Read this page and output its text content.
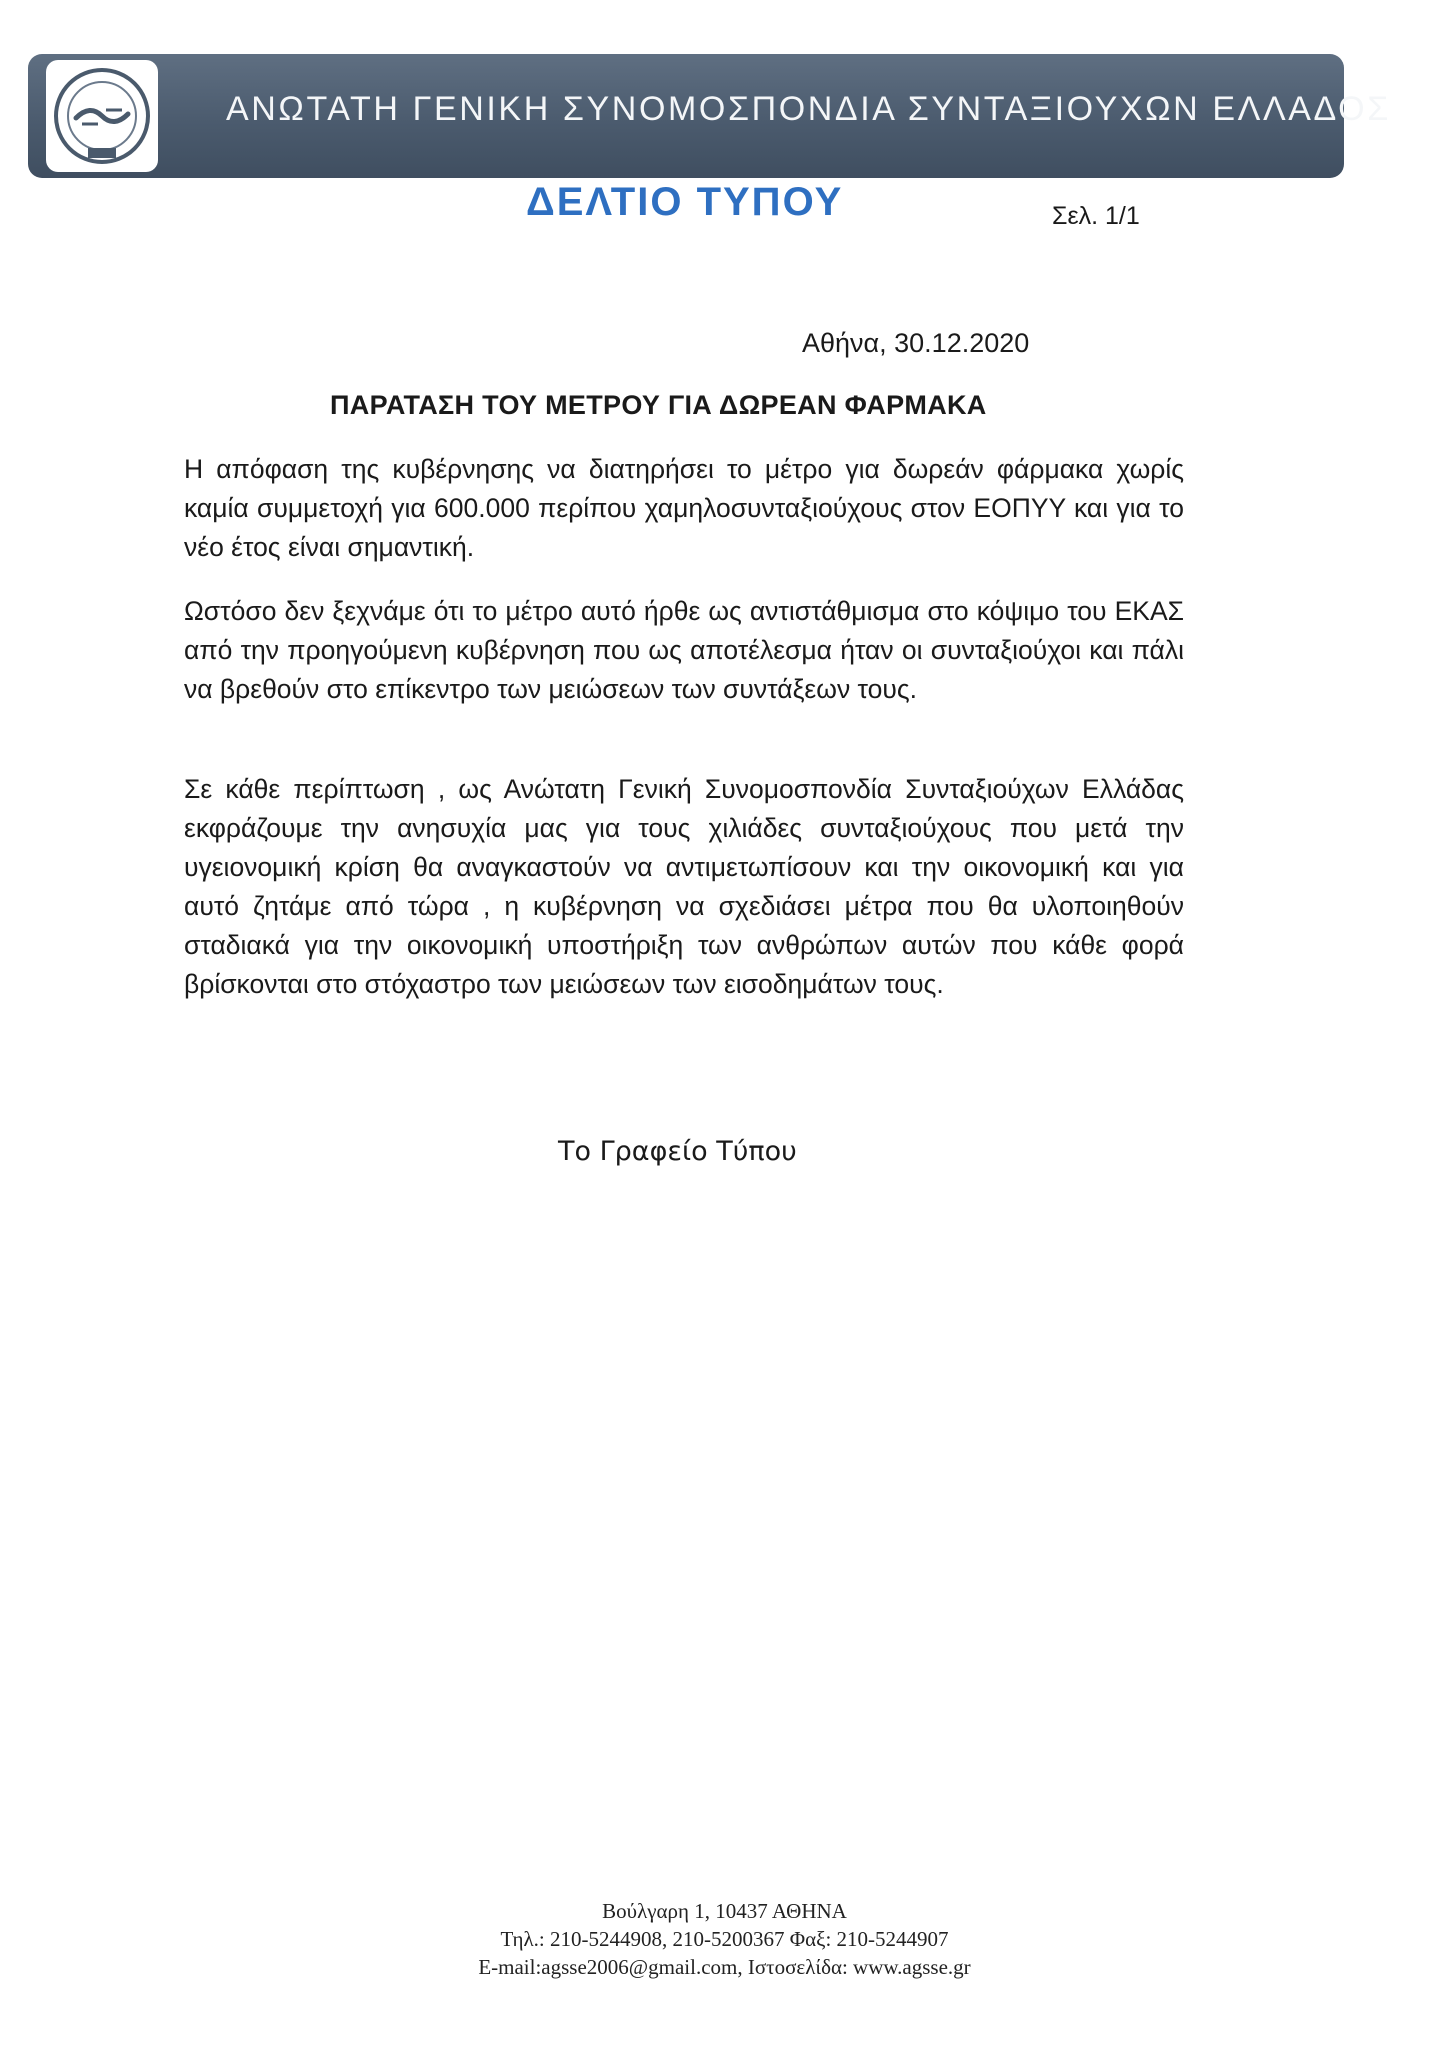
ΑΝΩΤΑΤΗ ΓΕΝΙΚΗ ΣΥΝΟΜΟΣΠΟΝΔΙΑ ΣΥΝΤΑΞΙΟΥΧΩΝ ΕΛΛΑΔΟΣ
ΔΕΛΤΙΟ ΤΥΠΟΥ	Σελ. 1/1
Αθήνα, 30.12.2020
ΠΑΡΑΤΑΣΗ ΤΟΥ ΜΕΤΡΟΥ ΓΙΑ ΔΩΡΕΑΝ ΦΑΡΜΑΚΑ

Η απόφαση της κυβέρνησης να διατηρήσει το μέτρο για δωρεάν φάρμακα χωρίς καμία συμμετοχή για 600.000 περίπου χαμηλοσυνταξιούχους στον ΕΟΠΥΥ και για το νέο έτος είναι σημαντική.

Ωστόσο δεν ξεχνάμε ότι το μέτρο αυτό ήρθε ως αντιστάθμισμα στο κόψιμο του ΕΚΑΣ από την προηγούμενη κυβέρνηση που ως αποτέλεσμα ήταν οι συνταξιούχοι και πάλι να βρεθούν στο επίκεντρο των μειώσεων των συντάξεων τους.

Σε κάθε περίπτωση , ως Ανώτατη Γενική Συνομοσπονδία Συνταξιούχων Ελλάδας εκφράζουμε την ανησυχία μας για τους χιλιάδες συνταξιούχους που μετά την υγειονομική κρίση θα αναγκαστούν να αντιμετωπίσουν και την οικονομική και για αυτό ζητάμε από τώρα , η κυβέρνηση να σχεδιάσει μέτρα που θα υλοποιηθούν σταδιακά για την οικονομική υποστήριξη των ανθρώπων αυτών που κάθε φορά βρίσκονται στο στόχαστρο των μειώσεων των εισοδημάτων τους.

Το Γραφείο Τύπου
Βούλγαρη 1, 10437 ΑΘΗΝΑ
Τηλ.: 210-5244908, 210-5200367 Φαξ: 210-5244907
E-mail:agsse2006@gmail.com, Ιστοσελίδα: www.agsse.gr
